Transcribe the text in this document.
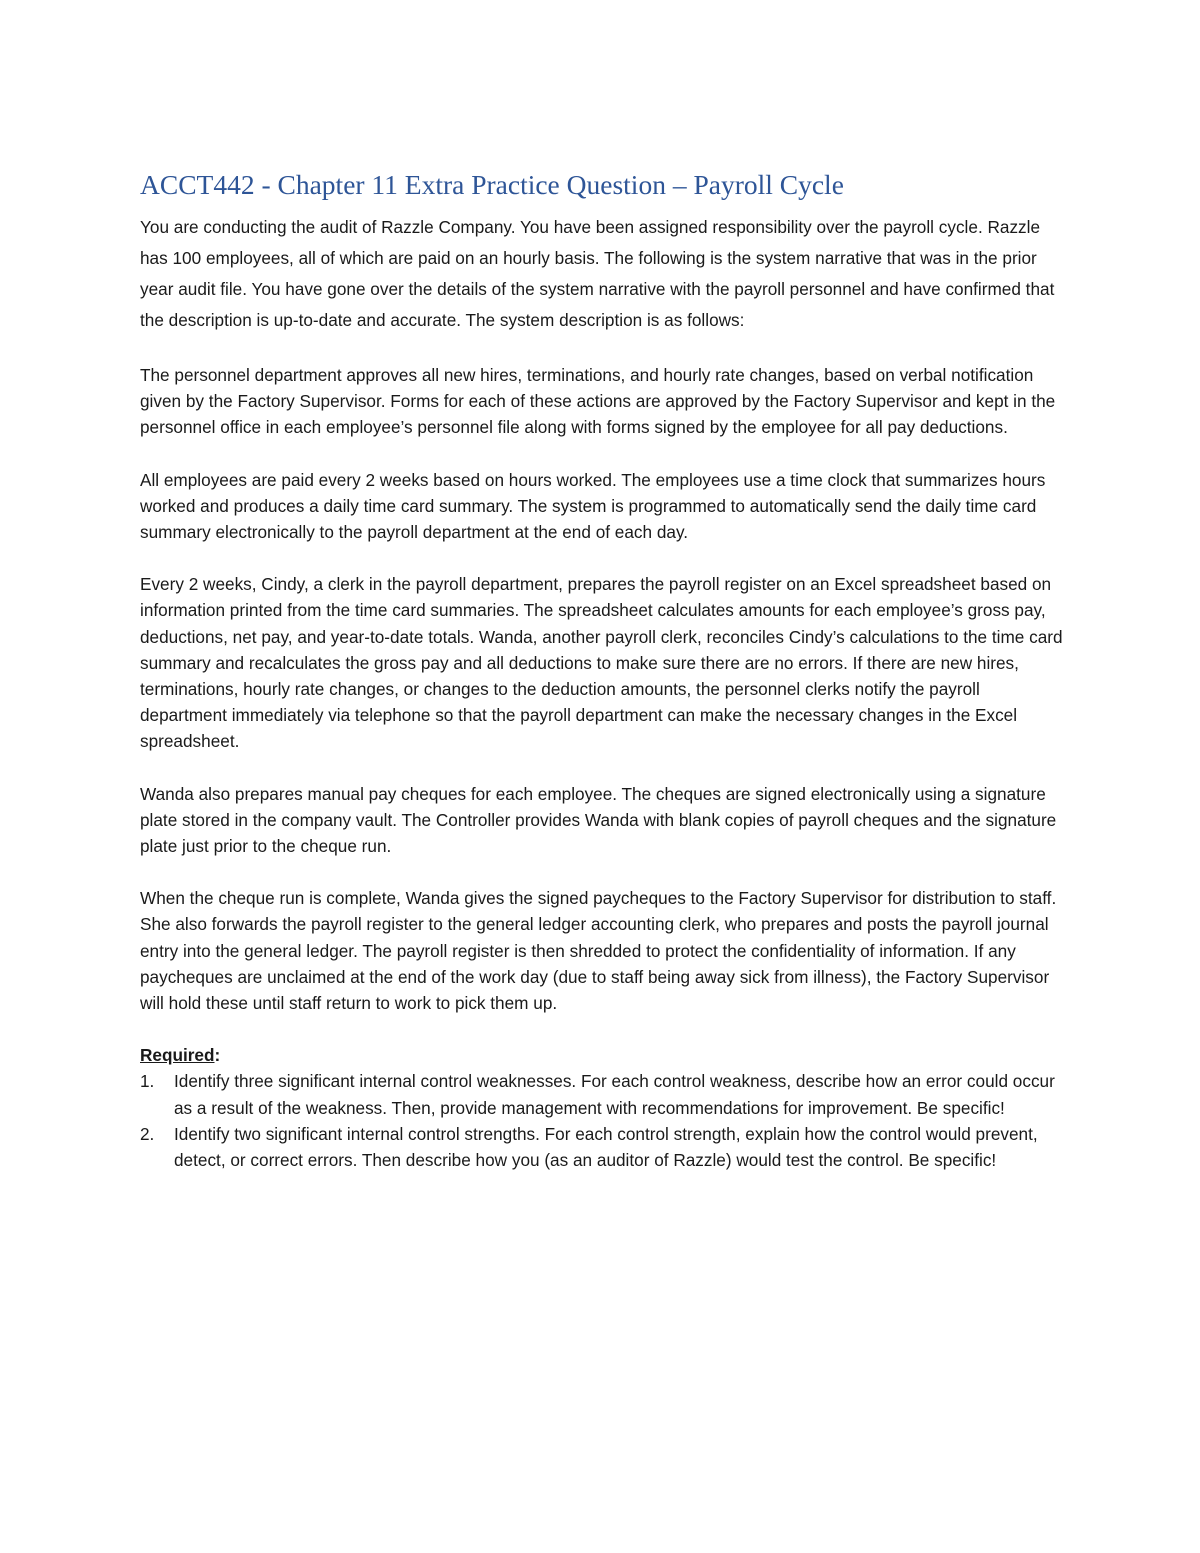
ACCT442 - Chapter 11 Extra Practice Question – Payroll Cycle

You are conducting the audit of Razzle Company. You have been assigned responsibility over the payroll cycle. Razzle has 100 employees, all of which are paid on an hourly basis. The following is the system narrative that was in the prior year audit file. You have gone over the details of the system narrative with the payroll personnel and have confirmed that the description is up-to-date and accurate. The system description is as follows:

The personnel department approves all new hires, terminations, and hourly rate changes, based on verbal notification given by the Factory Supervisor. Forms for each of these actions are approved by the Factory Supervisor and kept in the personnel office in each employee’s personnel file along with forms signed by the employee for all pay deductions.

All employees are paid every 2 weeks based on hours worked. The employees use a time clock that summarizes hours worked and produces a daily time card summary. The system is programmed to automatically send the daily time card summary electronically to the payroll department at the end of each day.

Every 2 weeks, Cindy, a clerk in the payroll department, prepares the payroll register on an Excel spreadsheet based on information printed from the time card summaries. The spreadsheet calculates amounts for each employee’s gross pay, deductions, net pay, and year-to-date totals. Wanda, another payroll clerk, reconciles Cindy’s calculations to the time card summary and recalculates the gross pay and all deductions to make sure there are no errors. If there are new hires, terminations, hourly rate changes, or changes to the deduction amounts, the personnel clerks notify the payroll department immediately via telephone so that the payroll department can make the necessary changes in the Excel spreadsheet.

Wanda also prepares manual pay cheques for each employee. The cheques are signed electronically using a signature plate stored in the company vault. The Controller provides Wanda with blank copies of payroll cheques and the signature plate just prior to the cheque run.

When the cheque run is complete, Wanda gives the signed paycheques to the Factory Supervisor for distribution to staff. She also forwards the payroll register to the general ledger accounting clerk, who prepares and posts the payroll journal entry into the general ledger. The payroll register is then shredded to protect the confidentiality of information. If any paycheques are unclaimed at the end of the work day (due to staff being away sick from illness), the Factory Supervisor will hold these until staff return to work to pick them up.

Required:
1. Identify three significant internal control weaknesses. For each control weakness, describe how an error could occur as a result of the weakness. Then, provide management with recommendations for improvement. Be specific!
2. Identify two significant internal control strengths. For each control strength, explain how the control would prevent, detect, or correct errors. Then describe how you (as an auditor of Razzle) would test the control. Be specific!
